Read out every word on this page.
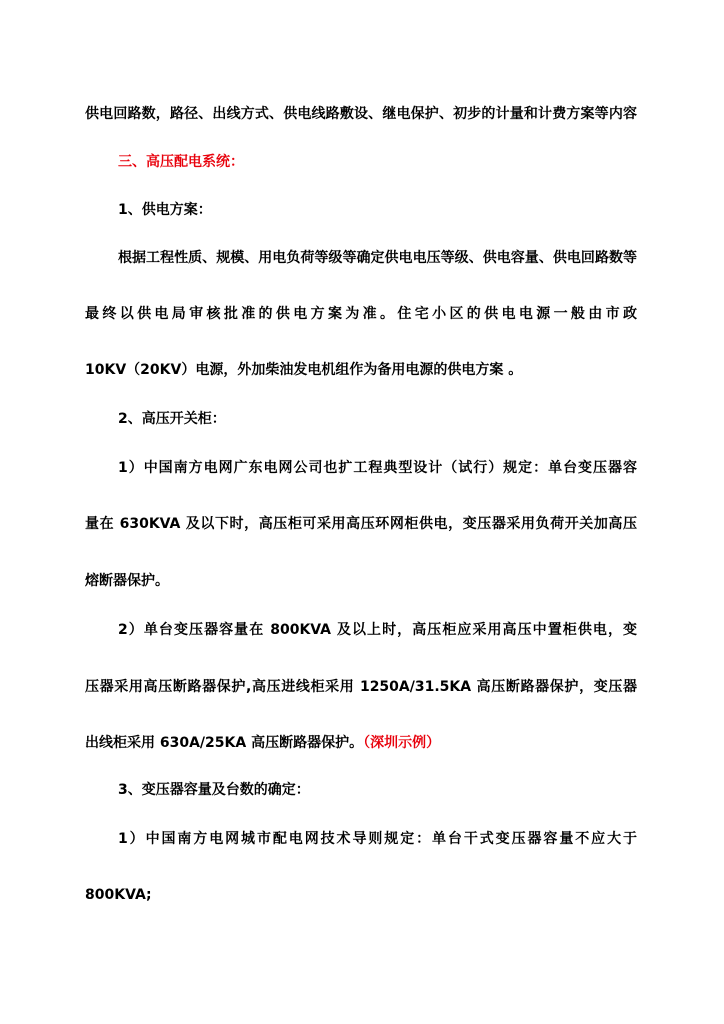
供电回路数，路径、出线方式、供电线路敷设、继电保护、初步的计量和计费方案等内容

三、高压配电系统：

1、供电方案：

根据工程性质、规模、用电负荷等级等确定供电电压等级、供电容量、供电回路数等

最终以供电局审核批准的供电方案为准。住宅小区的供电电源一般由市政

10KV（20KV）电源，外加柴油发电机组作为备用电源的供电方案 。

2、高压开关柜：

1）中国南方电网广东电网公司也扩工程典型设计（试行）规定：单台变压器容

量在 630KVA 及以下时，高压柜可采用高压环网柜供电，变压器采用负荷开关加高压

熔断器保护。

2）单台变压器容量在 800KVA 及以上时，高压柜应采用高压中置柜供电，变

压器采用高压断路器保护,高压进线柜采用 1250A/31.5KA 高压断路器保护，变压器

出线柜采用 630A/25KA 高压断路器保护。（深圳示例）

3、变压器容量及台数的确定：

1）中国南方电网城市配电网技术导则规定：单台干式变压器容量不应大于

800KVA;
